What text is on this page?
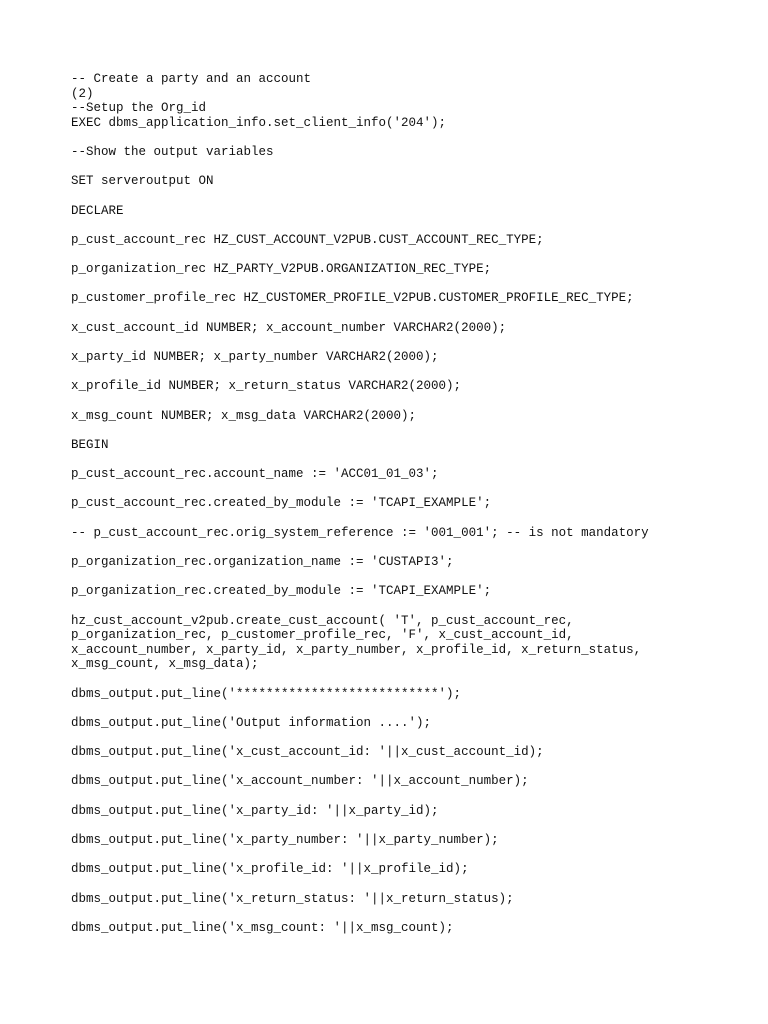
-- Create a party and an account
(2)
--Setup the Org_id
EXEC dbms_application_info.set_client_info('204');
--Show the output variables
SET serveroutput ON
DECLARE
p_cust_account_rec HZ_CUST_ACCOUNT_V2PUB.CUST_ACCOUNT_REC_TYPE;
p_organization_rec HZ_PARTY_V2PUB.ORGANIZATION_REC_TYPE;
p_customer_profile_rec HZ_CUSTOMER_PROFILE_V2PUB.CUSTOMER_PROFILE_REC_TYPE;
x_cust_account_id NUMBER; x_account_number VARCHAR2(2000);
x_party_id NUMBER; x_party_number VARCHAR2(2000);
x_profile_id NUMBER; x_return_status VARCHAR2(2000);
x_msg_count NUMBER; x_msg_data VARCHAR2(2000);
BEGIN
p_cust_account_rec.account_name := 'ACC01_01_03';
p_cust_account_rec.created_by_module := 'TCAPI_EXAMPLE';
-- p_cust_account_rec.orig_system_reference := '001_001'; -- is not mandatory
p_organization_rec.organization_name := 'CUSTAPI3';
p_organization_rec.created_by_module := 'TCAPI_EXAMPLE';
hz_cust_account_v2pub.create_cust_account( 'T', p_cust_account_rec,
p_organization_rec, p_customer_profile_rec, 'F', x_cust_account_id,
x_account_number, x_party_id, x_party_number, x_profile_id, x_return_status,
x_msg_count, x_msg_data);
dbms_output.put_line('***************************');
dbms_output.put_line('Output information ....');
dbms_output.put_line('x_cust_account_id: '||x_cust_account_id);
dbms_output.put_line('x_account_number: '||x_account_number);
dbms_output.put_line('x_party_id: '||x_party_id);
dbms_output.put_line('x_party_number: '||x_party_number);
dbms_output.put_line('x_profile_id: '||x_profile_id);
dbms_output.put_line('x_return_status: '||x_return_status);
dbms_output.put_line('x_msg_count: '||x_msg_count);
